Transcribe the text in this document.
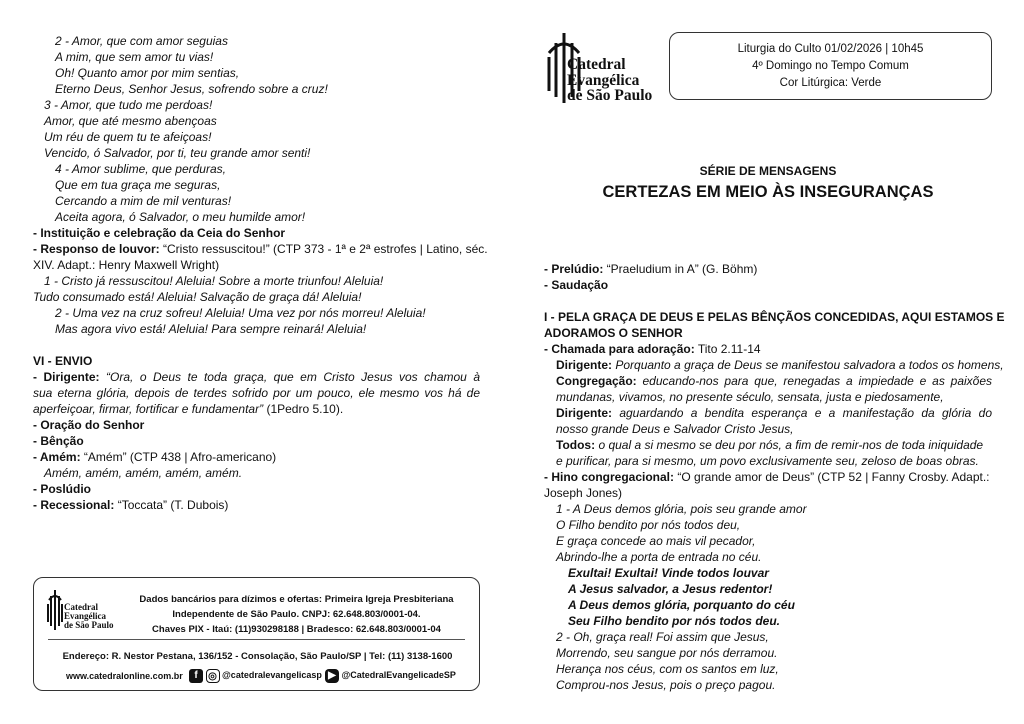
2 - Amor, que com amor seguias
A mim, que sem amor tu vias!
Oh! Quanto amor por mim sentias,
Eterno Deus, Senhor Jesus, sofrendo sobre a cruz!
3 - Amor, que tudo me perdoas!
Amor, que até mesmo abençoas
Um réu de quem tu te afeiçoas!
Vencido, ó Salvador, por ti, teu grande amor senti!
4 - Amor sublime, que perduras,
Que em tua graça me seguras,
Cercando a mim de mil venturas!
Aceita agora, ó Salvador, o meu humilde amor!
- Instituição e celebração da Ceia do Senhor
- Responso de louvor: “Cristo ressuscitou!” (CTP 373 - 1ª e 2ª estrofes | Latino, séc.
XIV. Adapt.: Henry Maxwell Wright)
1 - Cristo já ressuscitou! Aleluia! Sobre a morte triunfou! Aleluia!
Tudo consumado está! Aleluia! Salvação de graça dá! Aleluia!
2 - Uma vez na cruz sofreu! Aleluia! Uma vez por nós morreu! Aleluia!
Mas agora vivo está! Aleluia! Para sempre reinará! Aleluia!
VI - ENVIO
- Dirigente: “Ora, o Deus te toda graça, que em Cristo Jesus vos chamou à
sua eterna glória, depois de terdes sofrido por um pouco, ele mesmo vos há de
aperfeiçoar, firmar, fortificar e fundamentar” (1Pedro 5.10).
- Oração do Senhor
- Bênção
- Amém: “Amém” (CTP 438 | Afro-americano)
Amém, amém, amém, amém, amém.
- Poslúdio
- Recessional: “Toccata” (T. Dubois)
Catedral
Evangélica
de São Paulo
Dados bancários para dízimos e ofertas: Primeira Igreja Presbiteriana
Independente de São Paulo. CNPJ: 62.648.803/0001-04.
Chaves PIX - Itaú: (11)930298188 | Bradesco: 62.648.803/0001-04
Endereço: R. Nestor Pestana, 136/152 - Consolação, São Paulo/SP | Tel: (11) 3138-1600
www.catedralonline.com.br	f ◎ @catedralevangelicasp ▶ @CatedralEvangelicadeSP
Catedral
Evangélica
de São Paulo
Liturgia do Culto 01/02/2026 | 10h45
4º Domingo no Tempo Comum
Cor Litúrgica: Verde
SÉRIE DE MENSAGENS
CERTEZAS EM MEIO ÀS INSEGURANÇAS
- Prelúdio: “Praeludium in A” (G. Böhm)
- Saudação
I - PELA GRAÇA DE DEUS E PELAS BÊNÇÃOS CONCEDIDAS, AQUI ESTAMOS E
ADORAMOS O SENHOR
- Chamada para adoração: Tito 2.11-14
Dirigente: Porquanto a graça de Deus se manifestou salvadora a todos os homens,
Congregação: educando-nos para que, renegadas a impiedade e as paixões
mundanas, vivamos, no presente século, sensata, justa e piedosamente,
Dirigente: aguardando a bendita esperança e a manifestação da glória do
nosso grande Deus e Salvador Cristo Jesus,
Todos: o qual a si mesmo se deu por nós, a fim de remir-nos de toda iniquidade
e purificar, para si mesmo, um povo exclusivamente seu, zeloso de boas obras.
- Hino congregacional: “O grande amor de Deus” (CTP 52 | Fanny Crosby. Adapt.:
Joseph Jones)
1 - A Deus demos glória, pois seu grande amor
O Filho bendito por nós todos deu,
E graça concede ao mais vil pecador,
Abrindo-lhe a porta de entrada no céu.
Exultai! Exultai! Vinde todos louvar
A Jesus salvador, a Jesus redentor!
A Deus demos glória, porquanto do céu
Seu Filho bendito por nós todos deu.
2 - Oh, graça real! Foi assim que Jesus,
Morrendo, seu sangue por nós derramou.
Herança nos céus, com os santos em luz,
Comprou-nos Jesus, pois o preço pagou.
